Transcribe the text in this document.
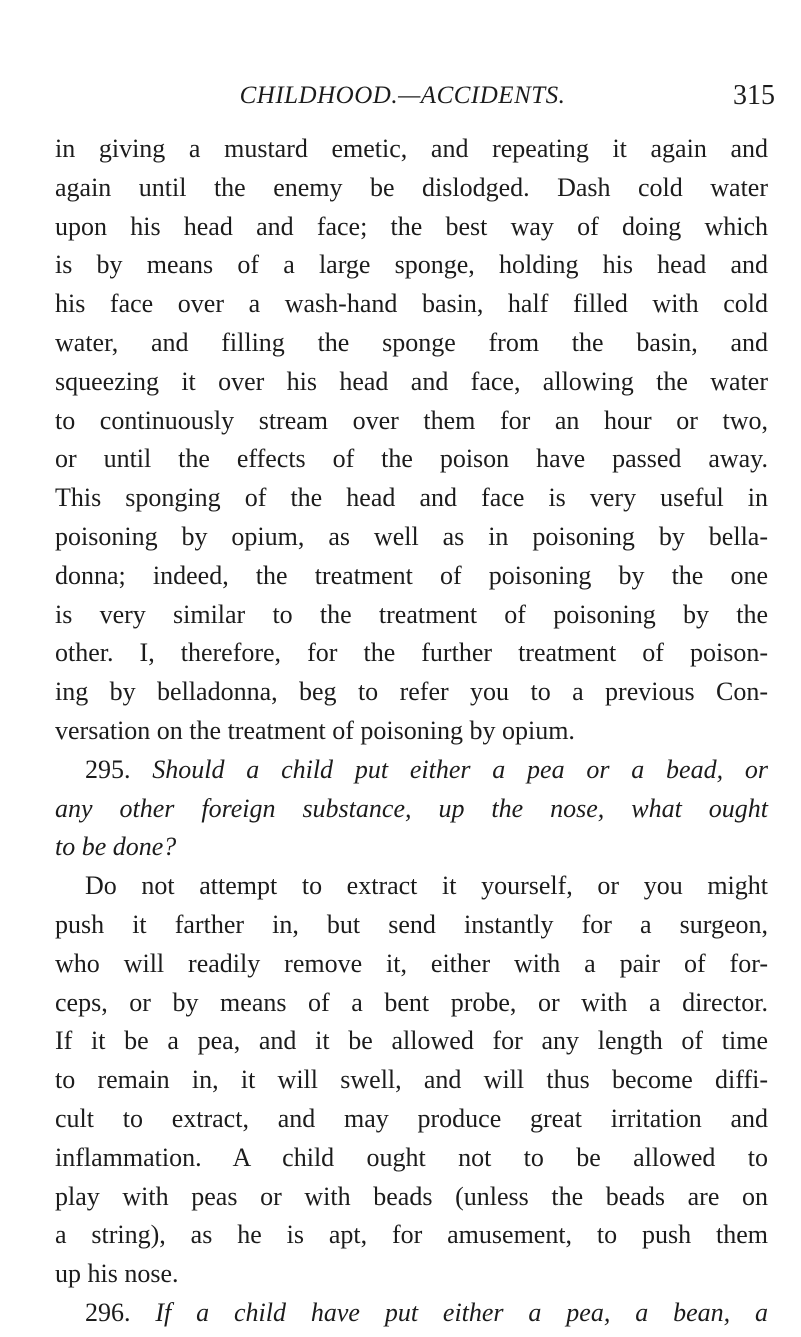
CHILDHOOD.—ACCIDENTS.	315
in giving a mustard emetic, and repeating it again and
again until the enemy be dislodged. Dash cold water
upon his head and face; the best way of doing which
is by means of a large sponge, holding his head and
his face over a wash-hand basin, half filled with cold
water, and filling the sponge from the basin, and
squeezing it over his head and face, allowing the water
to continuously stream over them for an hour or two,
or until the effects of the poison have passed away.
This sponging of the head and face is very useful in
poisoning by opium, as well as in poisoning by bella-
donna; indeed, the treatment of poisoning by the one
is very similar to the treatment of poisoning by the
other. I, therefore, for the further treatment of poison-
ing by belladonna, beg to refer you to a previous Con-
versation on the treatment of poisoning by opium.
295. Should a child put either a pea or a bead, or
any other foreign substance, up the nose, what ought
to be done?
Do not attempt to extract it yourself, or you might
push it farther in, but send instantly for a surgeon,
who will readily remove it, either with a pair of for-
ceps, or by means of a bent probe, or with a director.
If it be a pea, and it be allowed for any length of time
to remain in, it will swell, and will thus become diffi-
cult to extract, and may produce great irritation and
inflammation. A child ought not to be allowed to
play with peas or with beads (unless the beads are on
a string), as he is apt, for amusement, to push them
up his nose.
296. If a child have put either a pea, a bean, a
